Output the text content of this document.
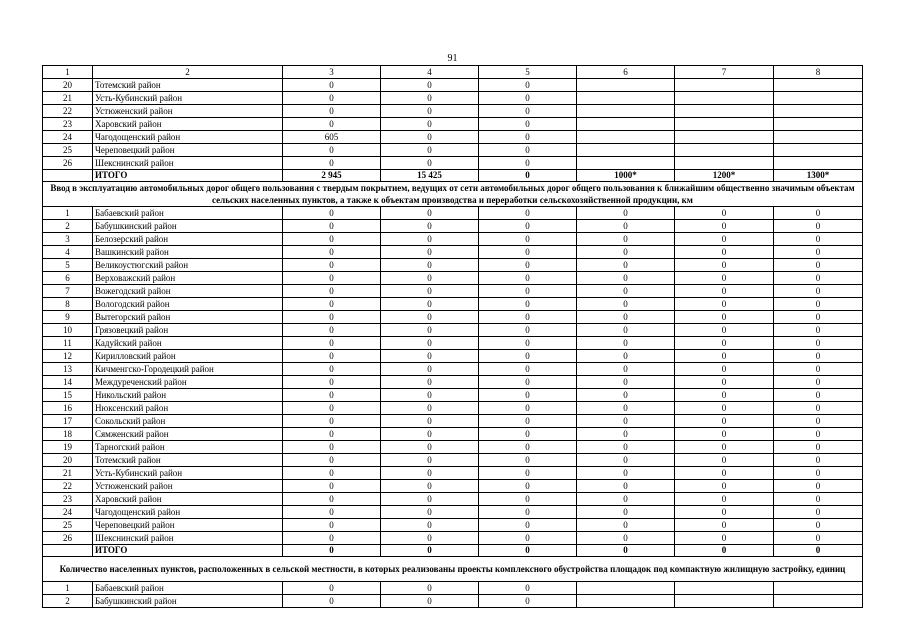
91
1	2	3	4	5	6	7	8
20	Тотемский район	0	0	0			
21	Усть-Кубинский район	0	0	0			
22	Устюженский район	0	0	0			
23	Харовский район	0	0	0			
24	Чагодощенский район	605	0	0			
25	Череповецкий район	0	0	0			
26	Шекснинский район	0	0	0			
	ИТОГО	2 945	15 425	0	1000*	1200*	1300*
Ввод в эксплуатацию автомобильных дорог общего пользования с твердым покрытием, ведущих от сети автомобильных дорог общего пользования к ближайшим общественно значимым объектам сельских населенных пунктов, а также к объектам производства и переработки сельскохозяйственной продукции, км							
1	Бабаевский район	0	0	0	0	0	0
2	Бабушкинский район	0	0	0	0	0	0
3	Белозерский район	0	0	0	0	0	0
4	Вашкинский район	0	0	0	0	0	0
5	Великоустюгский район	0	0	0	0	0	0
6	Верховажский район	0	0	0	0	0	0
7	Вожегодский район	0	0	0	0	0	0
8	Вологодский район	0	0	0	0	0	0
9	Вытегорский район	0	0	0	0	0	0
10	Грязовецкий район	0	0	0	0	0	0
11	Кадуйский район	0	0	0	0	0	0
12	Кирилловский район	0	0	0	0	0	0
13	Кичменгско-Городецкий район	0	0	0	0	0	0
14	Междуреченский район	0	0	0	0	0	0
15	Никольский район	0	0	0	0	0	0
16	Нюксенский район	0	0	0	0	0	0
17	Сокольский район	0	0	0	0	0	0
18	Сямженский район	0	0	0	0	0	0
19	Тарногский район	0	0	0	0	0	0
20	Тотемский район	0	0	0	0	0	0
21	Усть-Кубинский район	0	0	0	0	0	0
22	Устюженский район	0	0	0	0	0	0
23	Харовский район	0	0	0	0	0	0
24	Чагодощенский район	0	0	0	0	0	0
25	Череповецкий район	0	0	0	0	0	0
26	Шекснинский район	0	0	0	0	0	0
	ИТОГО	0	0	0	0	0	0
Количество населенных пунктов, расположенных в сельской местности, в которых реализованы проекты комплексного обустройства площадок под компактную жилищную застройку, единиц							
1	Бабаевский район	0	0	0			
2	Бабушкинский район	0	0	0			
